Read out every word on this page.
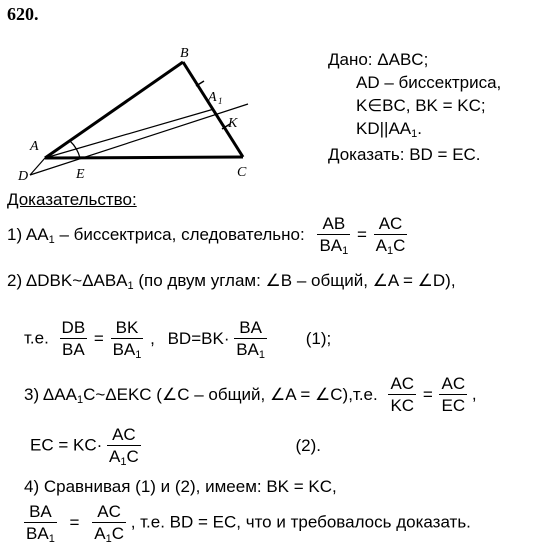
620.
B
A
C
D	E
K
A 1
Дано: ΔABC;
AD – биссектриса,
K∈BC, BK = KC;
$KD||AA_1$.
Доказать: BD = EC.
Доказательство:
1) $AA_1$ – биссектриса, следовательно: $\frac{AB}{BA_1} = \frac{AC}{A_1C}$
2) $\Delta DBK\sim\Delta ABA_1$ (по двум углам: ∠B – общий, ∠A = ∠D),
т.е. $\frac{DB}{BA} = \frac{BK}{BA_1}$ , $BD=BK\cdot \frac{BA}{BA_1} (1)$;
3) $\Delta AA_1C\sim\Delta EKC$ (∠C – общий, ∠A = ∠C),т.е. $\frac{AC}{KC} = \frac{AC}{EC}$ ,
EC = $KC\cdot \frac{AC}{A_1C}$	(2).
4) Сравнивая (1) и (2), имеем: BK = KC,
$\frac{BA}{BA_1} = \frac{AC}{A_1C}$ , т.е. BD = EC, что и требовалось доказать.
